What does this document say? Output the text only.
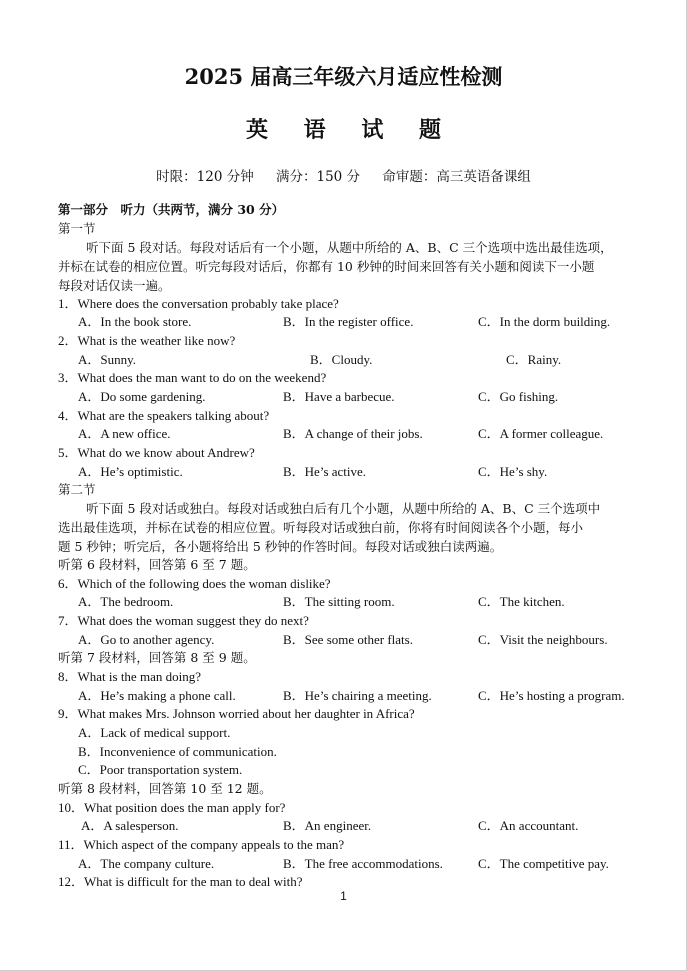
2025 届高三年级六月适应性检测
英 语 试 题
时限：120 分钟 满分：150 分 命审题：高三英语备课组
第一部分　听力（共两节，满分 30 分）
第一节
听下面 5 段对话。每段对话后有一个小题，从题中所给的 A、B、C 三个选项中选出最佳选项，
并标在试卷的相应位置。听完每段对话后，你都有 10 秒钟的时间来回答有关小题和阅读下一小题
每段对话仅读一遍。
1．Where does the conversation probably take place?
A．In the book store.	B．In the register office.	C．In the dorm building.
2．What is the weather like now?
A．Sunny.	B．Cloudy.	C．Rainy.
3．What does the man want to do on the weekend?
A．Do some gardening.	B．Have a barbecue.	C．Go fishing.
4．What are the speakers talking about?
A．A new office.	B．A change of their jobs.	C．A former colleague.
5．What do we know about Andrew?
A．He’s optimistic.	B．He’s active.	C．He’s shy.
第二节
听下面 5 段对话或独白。每段对话或独白后有几个小题，从题中所给的 A、B、C 三个选项中
选出最佳选项，并标在试卷的相应位置。听每段对话或独白前，你将有时间阅读各个小题，每小
题 5 秒钟；听完后，各小题将给出 5 秒钟的作答时间。每段对话或独白读两遍。
听第 6 段材料，回答第 6 至 7 题。
6．Which of the following does the woman dislike?
A．The bedroom.	B．The sitting room.	C．The kitchen.
7．What does the woman suggest they do next?
A．Go to another agency.	B．See some other flats.	C．Visit the neighbours.
听第 7 段材料，回答第 8 至 9 题。
8．What is the man doing?
A．He’s making a phone call.	B．He’s chairing a meeting.	C．He’s hosting a program.
9．What makes Mrs. Johnson worried about her daughter in Africa?
A．Lack of medical support.
B．Inconvenience of communication.
C．Poor transportation system.
听第 8 段材料，回答第 10 至 12 题。
10．What position does the man apply for?
A．A salesperson.	B．An engineer.	C．An accountant.
11．Which aspect of the company appeals to the man?
A．The company culture.	B．The free accommodations.	C．The competitive pay.
12．What is difficult for the man to deal with?
1
